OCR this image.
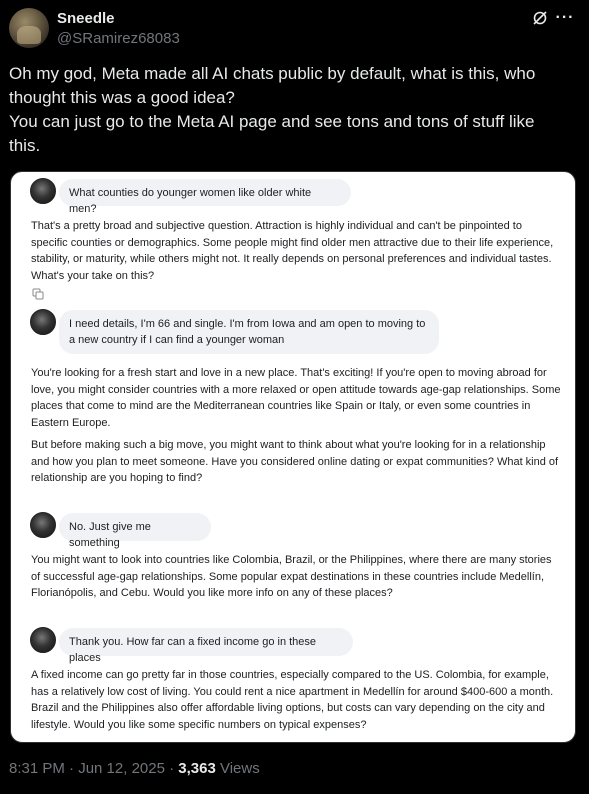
Sneedle
@SRamirez68083
···

Oh my god, Meta made all AI chats public by default, what is this, who thought this was a good idea?

You can just go to the Meta AI page and see tons and tons of stuff like this.

What counties do younger women like older white men?

That's a pretty broad and subjective question. Attraction is highly individual and can't be pinpointed to specific counties or demographics. Some people might find older men attractive due to their life experience, stability, or maturity, while others might not. It really depends on personal preferences and individual tastes. What's your take on this?

I need details, I'm 66 and single. I'm from Iowa and am open to moving to a new country if I can find a younger woman

You're looking for a fresh start and love in a new place. That's exciting! If you're open to moving abroad for love, you might consider countries with a more relaxed or open attitude towards age-gap relationships. Some places that come to mind are the Mediterranean countries like Spain or Italy, or even some countries in Eastern Europe.

But before making such a big move, you might want to think about what you're looking for in a relationship and how you plan to meet someone. Have you considered online dating or expat communities? What kind of relationship are you hoping to find?

No. Just give me something

You might want to look into countries like Colombia, Brazil, or the Philippines, where there are many stories of successful age-gap relationships. Some popular expat destinations in these countries include Medellín, Florianópolis, and Cebu. Would you like more info on any of these places?

Thank you. How far can a fixed income go in these places

A fixed income can go pretty far in those countries, especially compared to the US. Colombia, for example, has a relatively low cost of living. You could rent a nice apartment in Medellín for around $400-600 a month. Brazil and the Philippines also offer affordable living options, but costs can vary depending on the city and lifestyle. Would you like some specific numbers on typical expenses?

8:31 PM · Jun 12, 2025 · 3,363 Views
